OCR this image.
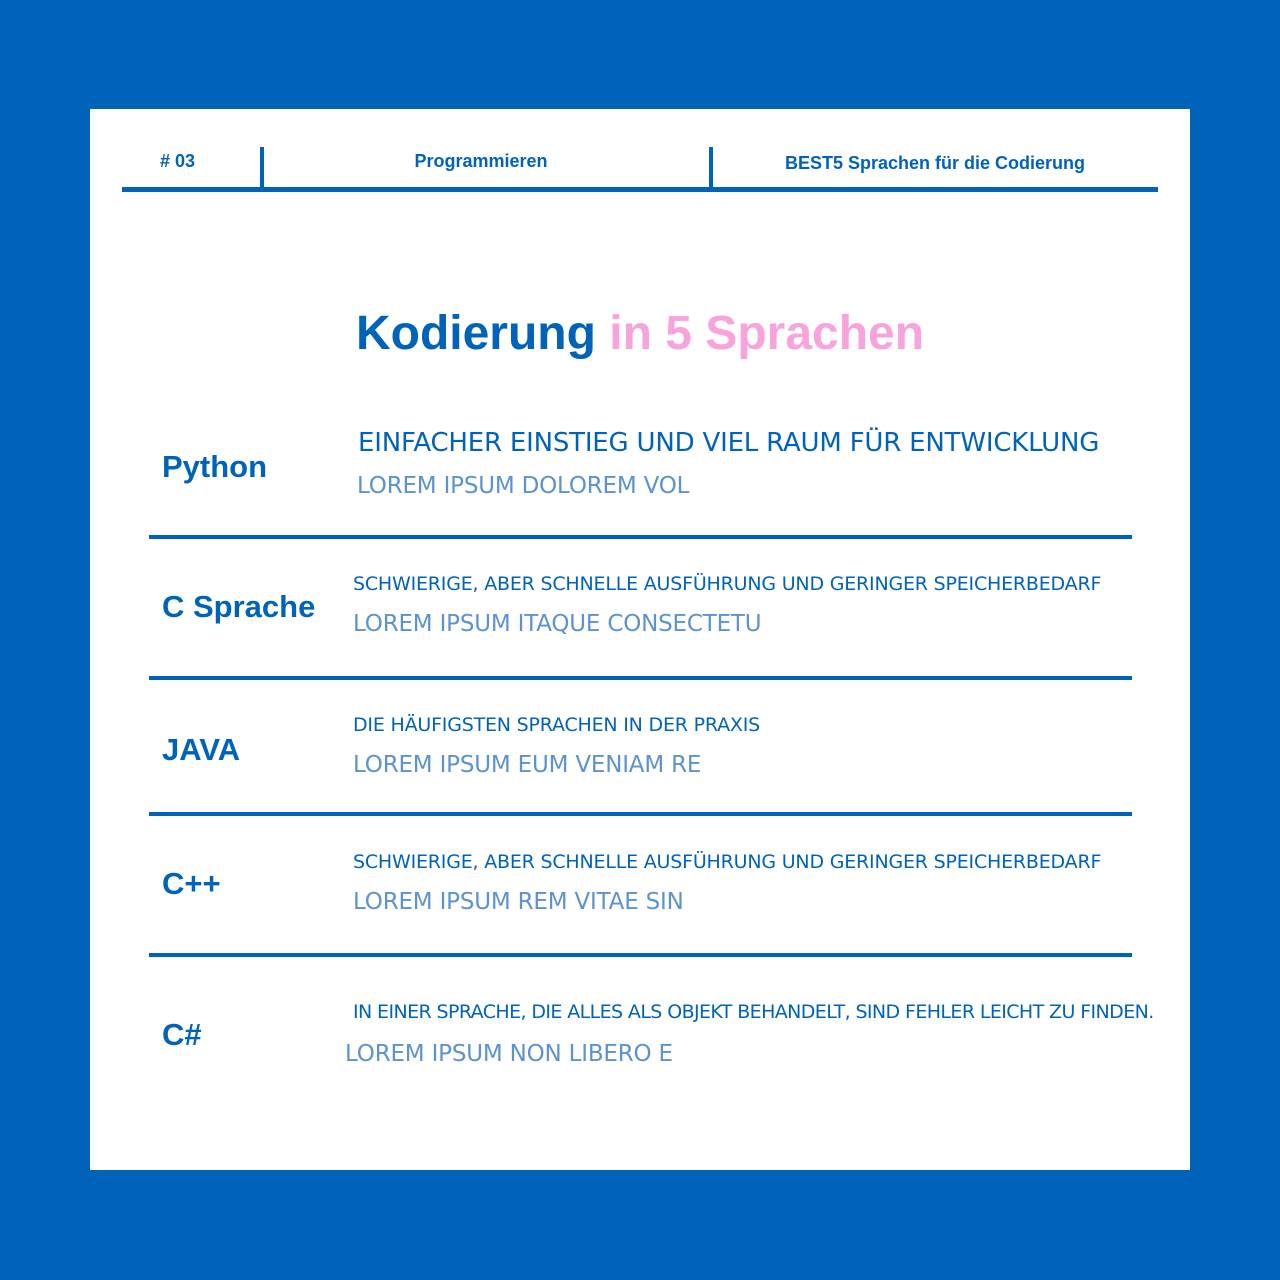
# 03	Programmieren	BEST5 Sprachen für die Codierung
Kodierung in 5 Sprachen
Python
EINFACHER EINSTIEG UND VIEL RAUM FÜR ENTWICKLUNG
LOREM IPSUM DOLOREM VOL
C Sprache
SCHWIERIGE, ABER SCHNELLE AUSFÜHRUNG UND GERINGER SPEICHERBEDARF
LOREM IPSUM ITAQUE CONSECTETU
JAVA
DIE HÄUFIGSTEN SPRACHEN IN DER PRAXIS
LOREM IPSUM EUM VENIAM RE
C++
SCHWIERIGE, ABER SCHNELLE AUSFÜHRUNG UND GERINGER SPEICHERBEDARF
LOREM IPSUM REM VITAE SIN
C#
IN EINER SPRACHE, DIE ALLES ALS OBJEKT BEHANDELT, SIND FEHLER LEICHT ZU FINDEN.
LOREM IPSUM NON LIBERO E
